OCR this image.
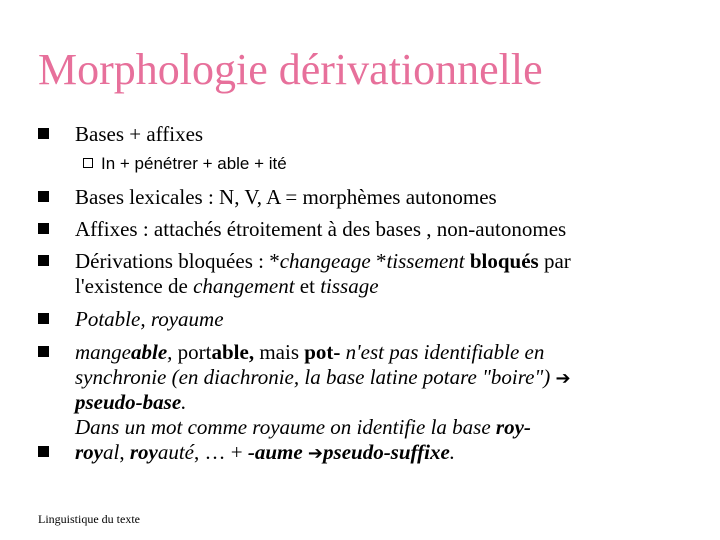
Morphologie dérivationnelle
Bases + affixes
In + pénétrer + able + ité
Bases lexicales : N, V, A = morphèmes autonomes
Affixes : attachés étroitement à des bases , non-autonomes
Dérivations bloquées : *changeage *tissement bloqués par
l'existence de changement et tissage
Potable, royaume
mangeable, portable, mais pot- n'est pas identifiable en
synchronie (en diachronie, la base latine potare "boire") ➔
pseudo-base.
Dans un mot comme royaume on identifie la base roy-
royal, royauté, … + -aume ➔pseudo-suffixe.
Linguistique du texte
